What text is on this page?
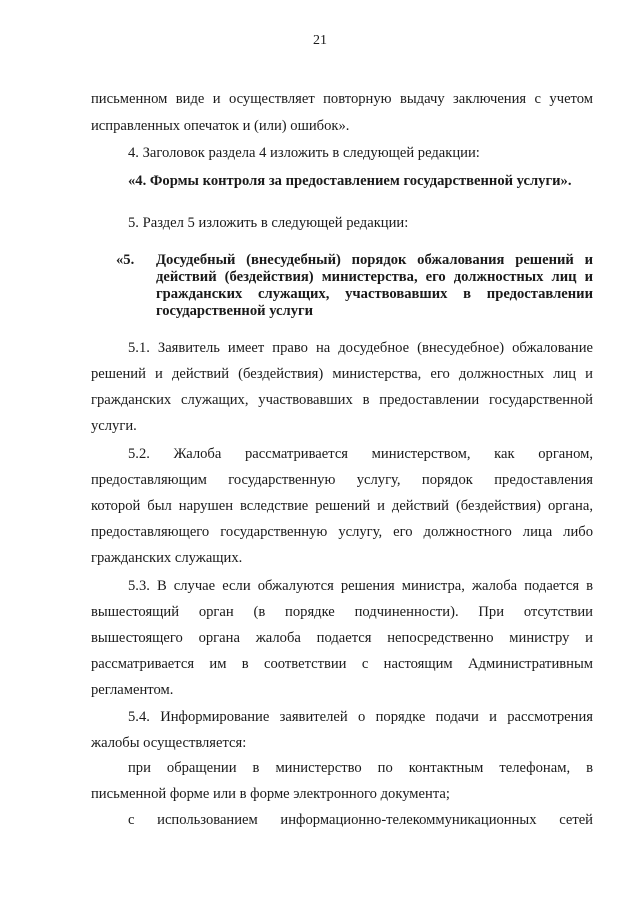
21
письменном виде и осуществляет повторную выдачу заключения с учетом
исправленных опечаток и (или) ошибок».
4. Заголовок раздела 4 изложить в следующей редакции:
«4. Формы контроля за предоставлением государственной услуги».
5. Раздел 5 изложить в следующей редакции:
«5. Досудебный (внесудебный) порядок обжалования решений и
действий (бездействия) министерства, его должностных лиц и
гражданских служащих, участвовавших в предоставлении
государственной услуги
5.1. Заявитель имеет право на досудебное (внесудебное) обжалование
решений и действий (бездействия) министерства, его должностных лиц и
гражданских служащих, участвовавших в предоставлении государственной
услуги.
5.2. Жалоба рассматривается министерством, как органом,
предоставляющим государственную услугу, порядок предоставления
которой был нарушен вследствие решений и действий (бездействия) органа,
предоставляющего государственную услугу, его должностного лица либо
гражданских служащих.
5.3. В случае если обжалуются решения министра, жалоба подается в
вышестоящий орган (в порядке подчиненности). При отсутствии
вышестоящего органа жалоба подается непосредственно министру и
рассматривается им в соответствии с настоящим Административным
регламентом.
5.4. Информирование заявителей о порядке подачи и рассмотрения
жалобы осуществляется:
при обращении в министерство по контактным телефонам, в
письменной форме или в форме электронного документа;
с использованием информационно-телекоммуникационных сетей
